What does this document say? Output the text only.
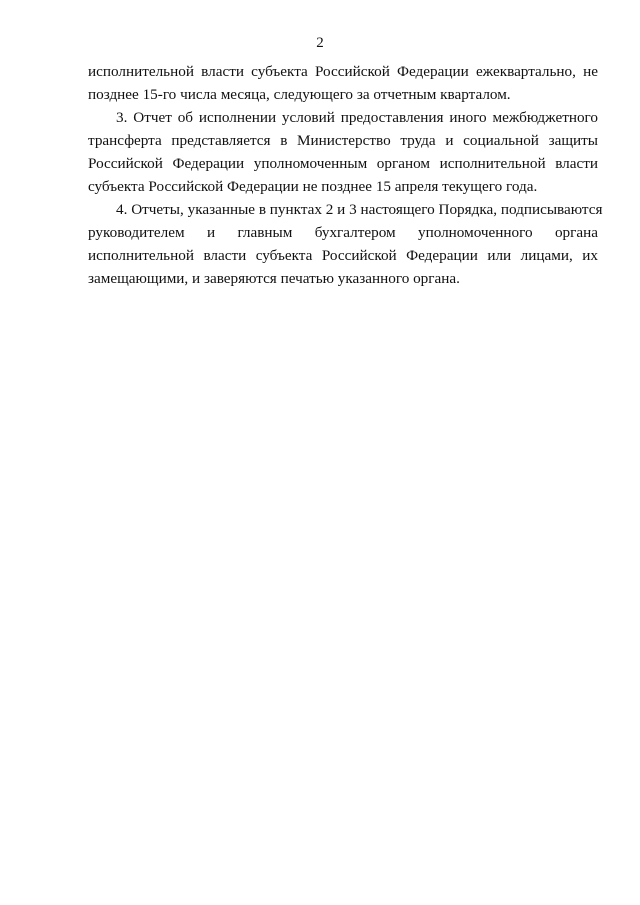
2

исполнительной власти субъекта Российской Федерации ежеквартально, не
позднее 15-го числа месяца, следующего за отчетным кварталом.

3. Отчет об исполнении условий предоставления иного межбюджетного
трансферта представляется в Министерство труда и социальной защиты
Российской Федерации уполномоченным органом исполнительной власти
субъекта Российской Федерации не позднее 15 апреля текущего года.

4. Отчеты, указанные в пунктах 2 и 3 настоящего Порядка, подписываются
руководителем и главным бухгалтером уполномоченного органа
исполнительной власти субъекта Российской Федерации или лицами, их
замещающими, и заверяются печатью указанного органа.
